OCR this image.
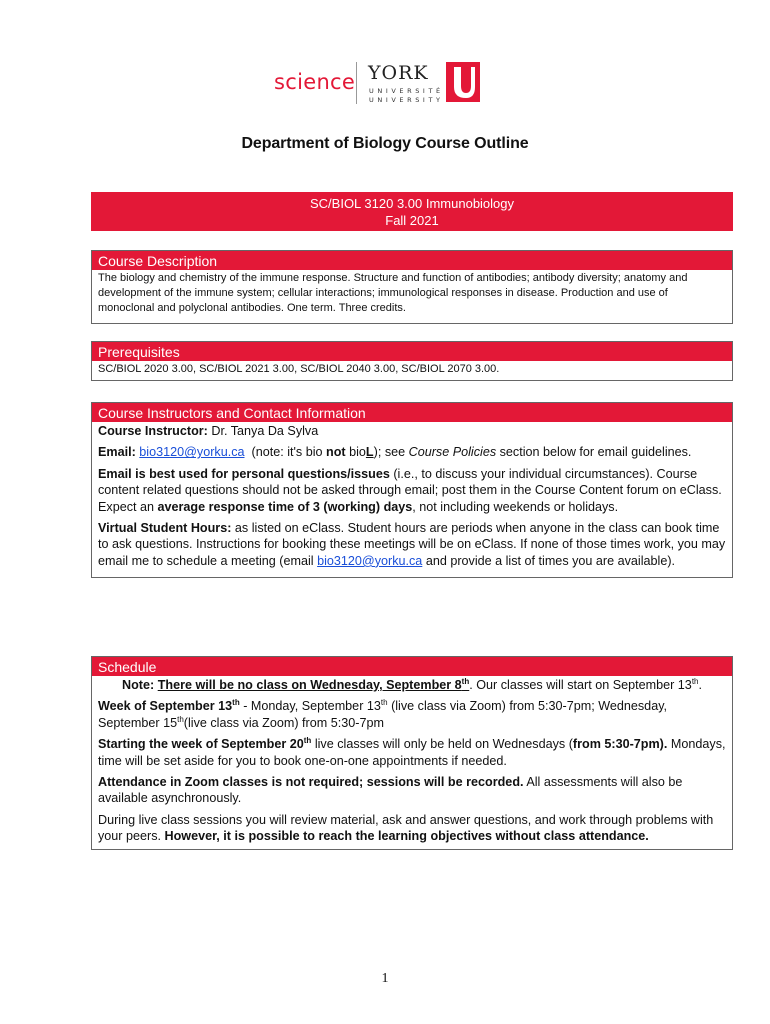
science YORK
UNIVERSITÉ
UNIVERSITY
Department of Biology Course Outline
SC/BIOL 3120 3.00 Immunobiology
Fall 2021
Course Description
The biology and chemistry of the immune response. Structure and function of antibodies; antibody diversity; anatomy and development of the immune system; cellular interactions; immunological responses in disease. Production and use of monoclonal and polyclonal antibodies. One term. Three credits.
Prerequisites
SC/BIOL 2020 3.00, SC/BIOL 2021 3.00, SC/BIOL 2040 3.00, SC/BIOL 2070 3.00.
Course Instructors and Contact Information

Course Instructor: Dr. Tanya Da Sylva

Email: bio3120@yorku.ca (note: it's bio not bioL); see Course Policies section below for email guidelines.

Email is best used for personal questions/issues (i.e., to discuss your individual circumstances). Course content related questions should not be asked through email; post them in the Course Content forum on eClass. Expect an average response time of 3 (working) days, not including weekends or holidays.

Virtual Student Hours: as listed on eClass. Student hours are periods when anyone in the class can book time to ask questions. Instructions for booking these meetings will be on eClass. If none of those times work, you may email me to schedule a meeting (email bio3120@yorku.ca and provide a list of times you are available).

Schedule

Note: There will be no class on Wednesday, September 8th. Our classes will start on September 13th.

Week of September 13th - Monday, September 13th (live class via Zoom) from 5:30-7pm; Wednesday, September 15th(live class via Zoom) from 5:30-7pm

Starting the week of September 20th live classes will only be held on Wednesdays (from 5:30-7pm). Mondays, time will be set aside for you to book one-on-one appointments if needed.

Attendance in Zoom classes is not required; sessions will be recorded. All assessments will also be available asynchronously.

During live class sessions you will review material, ask and answer questions, and work through problems with your peers. However, it is possible to reach the learning objectives without class attendance.

1
